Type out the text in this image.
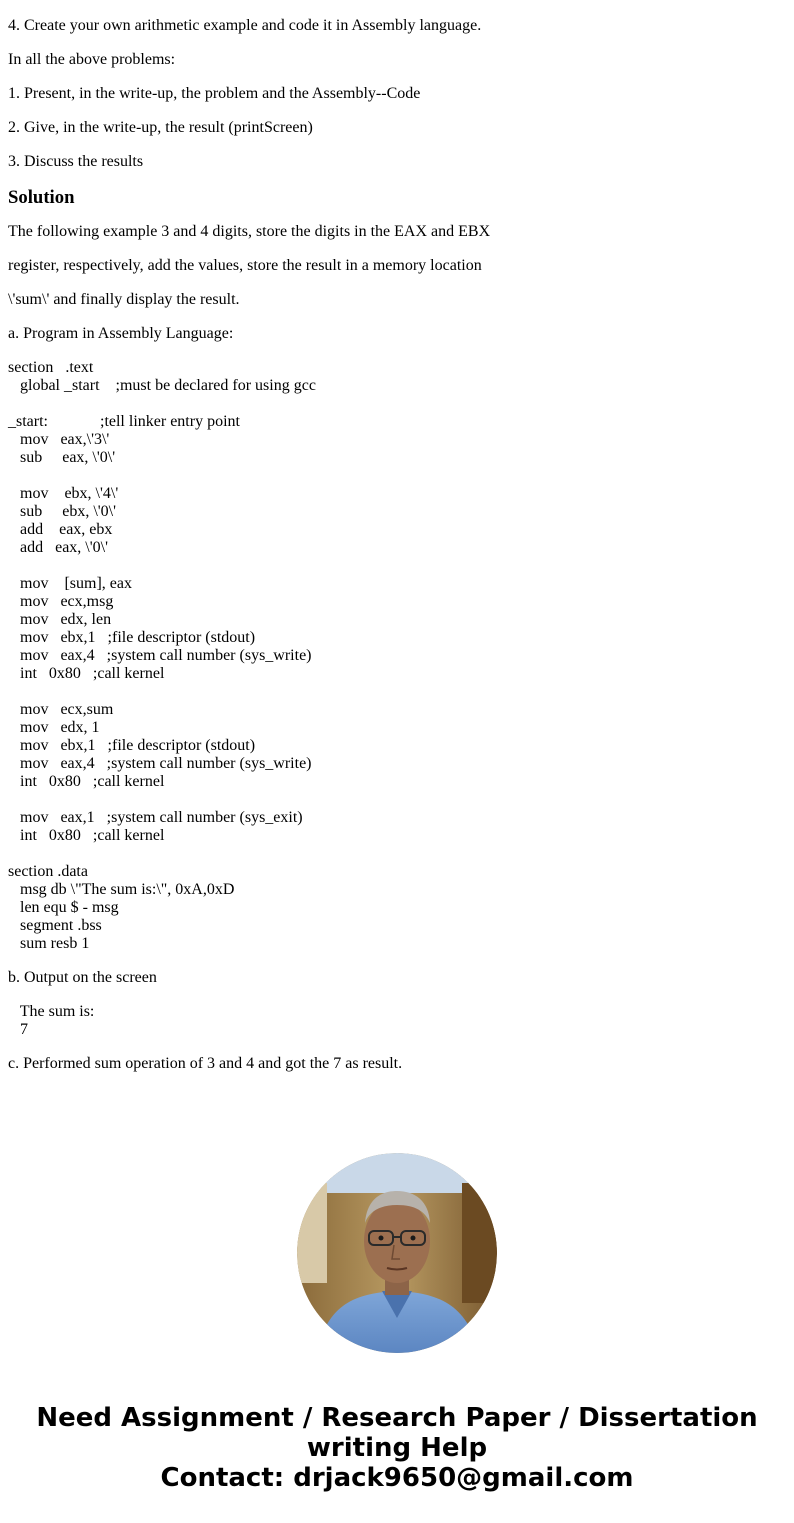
4. Create your own arithmetic example and code it in Assembly language.

In all the above problems:

1. Present, in the write-up, the problem and the Assembly--Code

2. Give, in the write-up, the result (printScreen)

3. Discuss the results

Solution

The following example 3 and 4 digits, store the digits in the EAX and EBX

register, respectively, add the values, store the result in a memory location

\'sum\' and finally display the result.

a. Program in Assembly Language:

section   .text
global _start    ;must be declared for using gcc

_start:             ;tell linker entry point
mov   eax,\'3\'
sub     eax, \'0\'

mov    ebx, \'4\'
sub     ebx, \'0\'
add    eax, ebx
add   eax, \'0\'

mov    [sum], eax
mov   ecx,msg
mov   edx, len
mov   ebx,1   ;file descriptor (stdout)
mov   eax,4   ;system call number (sys_write)
int   0x80   ;call kernel

mov   ecx,sum
mov   edx, 1
mov   ebx,1   ;file descriptor (stdout)
mov   eax,4   ;system call number (sys_write)
int   0x80   ;call kernel

mov   eax,1   ;system call number (sys_exit)
int   0x80   ;call kernel

section .data
msg db \"The sum is:\", 0xA,0xD
len equ $ - msg
segment .bss
sum resb 1

b. Output on the screen

The sum is:
7

c. Performed sum operation of 3 and 4 and got the 7 as result.

Need Assignment / Research Paper / Dissertation
writing Help
Contact: drjack9650@gmail.com
